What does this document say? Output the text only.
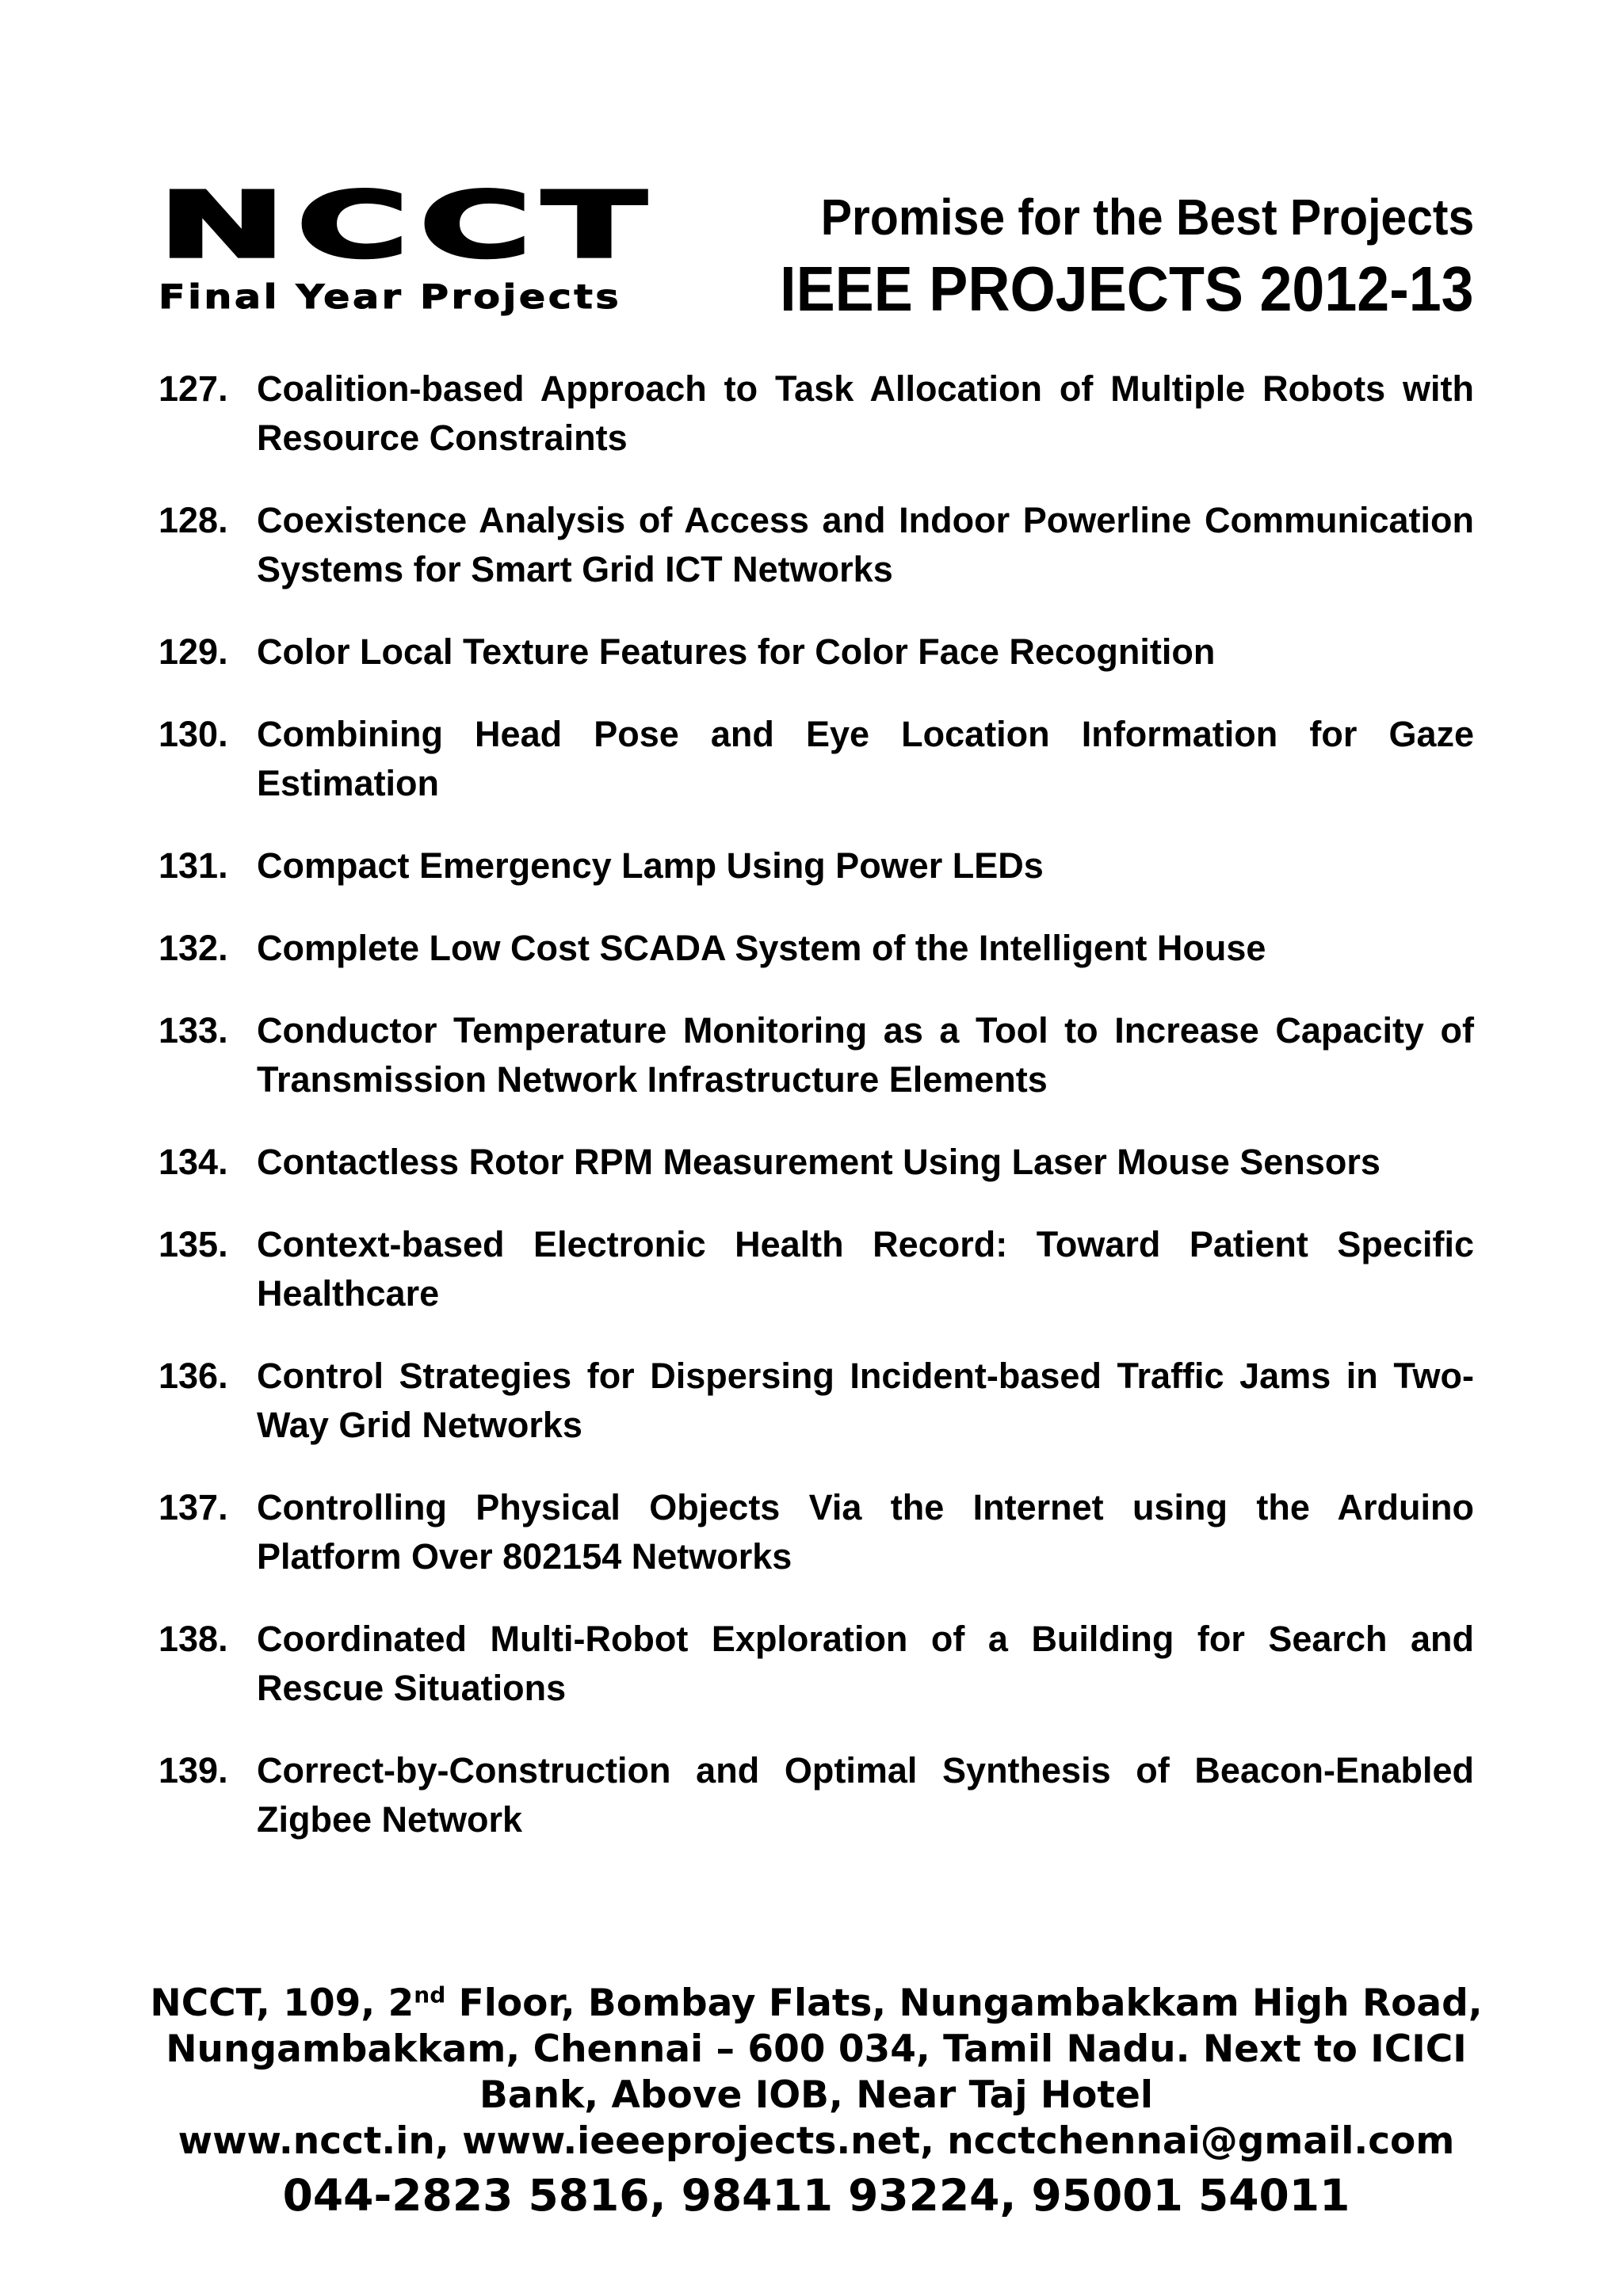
NCCT
Final Year Projects
Promise for the Best Projects
IEEE PROJECTS 2012-13
127. Coalition-based Approach to Task Allocation of Multiple Robots with Resource Constraints
128. Coexistence Analysis of Access and Indoor Powerline Communication Systems for Smart Grid ICT Networks
129. Color Local Texture Features for Color Face Recognition
130. Combining Head Pose and Eye Location Information for Gaze Estimation
131. Compact Emergency Lamp Using Power LEDs
132. Complete Low Cost SCADA System of the Intelligent House
133. Conductor Temperature Monitoring as a Tool to Increase Capacity of Transmission Network Infrastructure Elements
134. Contactless Rotor RPM Measurement Using Laser Mouse Sensors
135. Context-based Electronic Health Record: Toward Patient Specific Healthcare
136. Control Strategies for Dispersing Incident-based Traffic Jams in Two-Way Grid Networks
137. Controlling Physical Objects Via the Internet using the Arduino Platform Over 802154 Networks
138. Coordinated Multi-Robot Exploration of a Building for Search and Rescue Situations
139. Correct-by-Construction and Optimal Synthesis of Beacon-Enabled Zigbee Network
NCCT, 109, 2nd Floor, Bombay Flats, Nungambakkam High Road, Nungambakkam, Chennai – 600 034, Tamil Nadu. Next to ICICI Bank, Above IOB, Near Taj Hotel
www.ncct.in, www.ieeeprojects.net, ncctchennai@gmail.com
044-2823 5816, 98411 93224, 95001 54011
